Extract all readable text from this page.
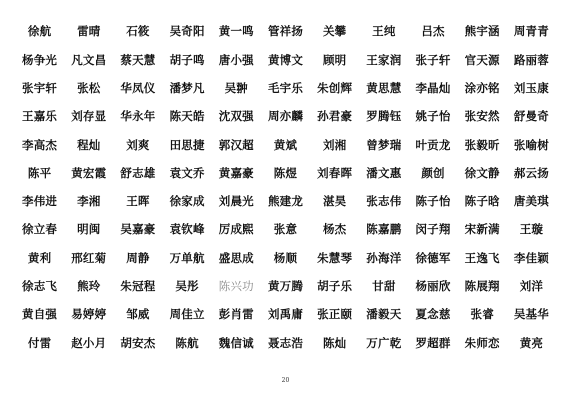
徐航 雷晴 石筱 吴奇阳 黄一鸣 管祥扬 关攀 王纯 吕杰 熊宇涵 周青青
杨争光 凡文昌 蔡天慧 胡子鸣 唐小强 黄博文 顾明 王家润 张子轩 官天源 路丽蓉
张宇轩 张松 华凤仪 潘梦凡 吴翀 毛宇乐 朱创辉 黄思慧 李晶灿 涂亦铭 刘玉康
王嘉乐 刘存显 华永年 陈天皓 沈双强 周亦麟 孙君豪 罗腾钰 姚子怡 张安然 舒曼奇
李高杰 程灿 刘爽 田思捷 郭汉超 黄斌 刘湘 曾梦瑞 叶贡龙 张毅昕 张喻树
陈平 黄宏霞 舒志雄 袁文乔 黄嘉豪 陈煜 刘春晖 潘文惠 颜创 徐文静 郝云扬
李伟进 李湘 王晖 徐家成 刘晨光 熊建龙 湛昊 张志伟 陈子怡 陈子晗 唐美琪
徐立春 明闽 吴嘉豪 袁钦峰 厉成熙 张意 杨杰 陈嘉鹏 闵子翔 宋新满 王璇
黄利 邢红菊 周静 万单航 盛思成 杨顺 朱慧琴 孙海洋 徐德军 王逸飞 李佳颖
徐志飞 熊玲 朱冠程 吴彤 陈兴功 黄万腾 胡子乐 甘甜 杨丽欣 陈展翔 刘洋
黄自强 易婷婷 邹威 周佳立 彭肖雷 刘禹庸 张正颐 潘毅天 夏念慈 张睿 吴基华
付雷 赵小月 胡安杰 陈航 魏信诚 聂志浩 陈灿 万广乾 罗超群 朱师恋 黄亮
20
